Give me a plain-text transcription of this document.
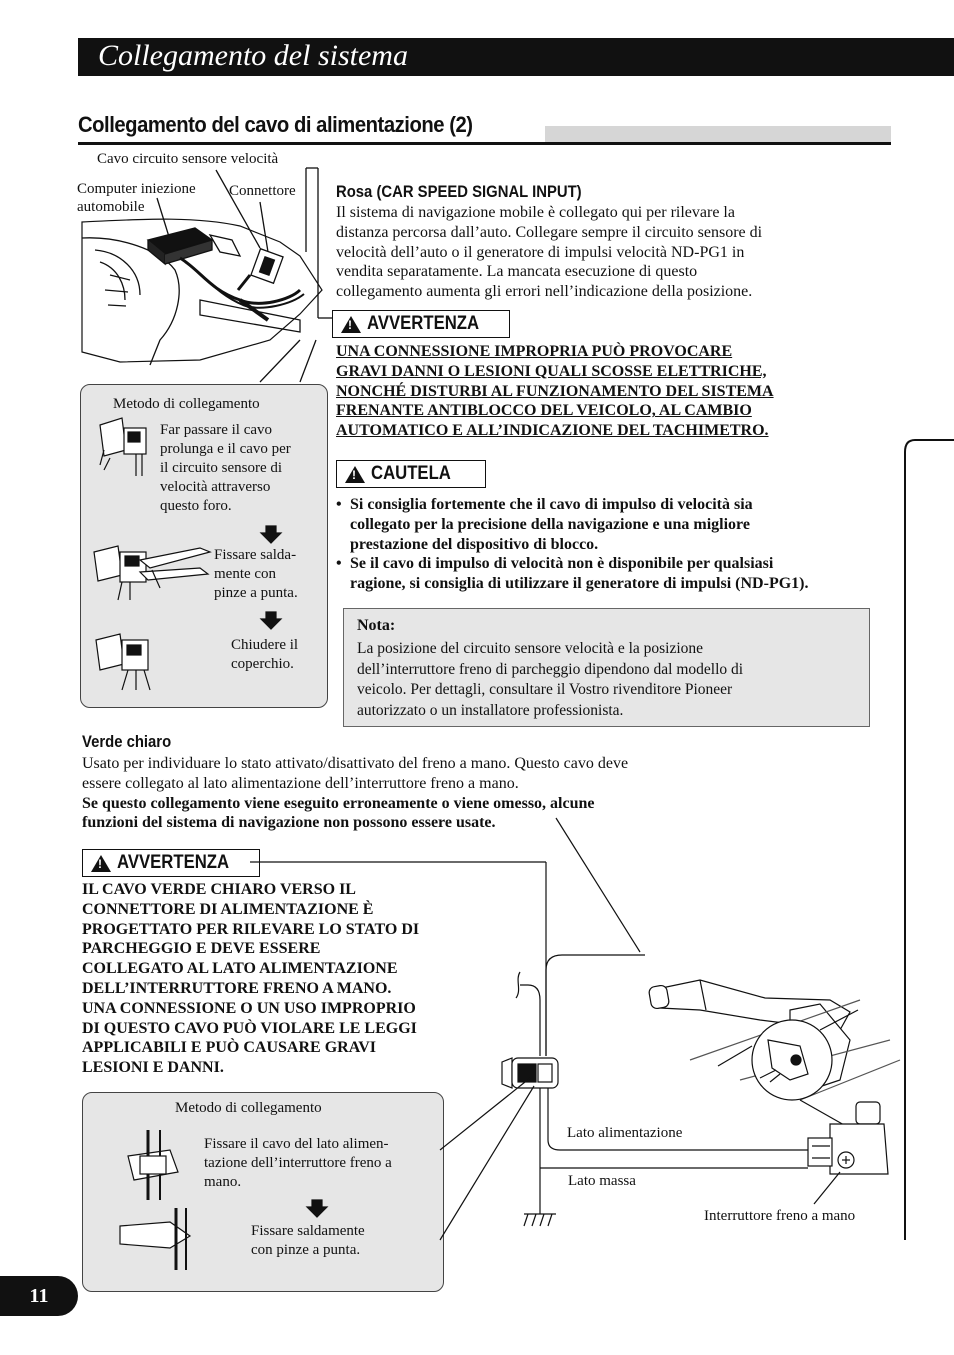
Collegamento del sistema
Collegamento del cavo di alimentazione (2)
Cavo circuito sensore velocità
Computer iniezione
automobile
Connettore
Metodo di collegamento
Far passare il cavo
prolunga e il cavo per
il circuito sensore di
velocità attraverso
questo foro.
Fissare salda-
mente con
pinze a punta.
Chiudere il
coperchio.
Rosa (CAR SPEED SIGNAL INPUT)
Il sistema di navigazione mobile è collegato qui per rilevare la
distanza percorsa dall’auto. Collegare sempre il circuito sensore di
velocità dell’auto o il generatore di impulsi velocità ND-PG1 in
vendita separatamente. La mancata esecuzione di questo
collegamento aumenta gli errori nell’indicazione della posizione.
!
AVVERTENZA
UNA CONNESSIONE IMPROPRIA PUÒ PROVOCARE
GRAVI DANNI O LESIONI QUALI SCOSSE ELETTRICHE,
NONCHÉ DISTURBI AL FUNZIONAMENTO DEL SISTEMA
FRENANTE ANTIBLOCCO DEL VEICOLO, AL CAMBIO
AUTOMATICO E ALL’INDICAZIONE DEL TACHIMETRO.
!
CAUTELA
• Si consiglia fortemente che il cavo di impulso di velocità sia
collegato per la precisione della navigazione e una migliore
prestazione del dispositivo di blocco.
• Se il cavo di impulso di velocità non è disponibile per qualsiasi
ragione, si consiglia di utilizzare il generatore di impulsi (ND-PG1).
Nota:
La posizione del circuito sensore velocità e la posizione
dell’interruttore freno di parcheggio dipendono dal modello di
veicolo. Per dettagli, consultare il Vostro rivenditore Pioneer
autorizzato o un installatore professionista.
Verde chiaro
Usato per individuare lo stato attivato/disattivato del freno a mano. Questo cavo deve
essere collegato al lato alimentazione dell’interruttore freno a mano.
Se questo collegamento viene eseguito erroneamente o viene omesso, alcune
funzioni del sistema di navigazione non possono essere usate.
!
AVVERTENZA
IL CAVO VERDE CHIARO VERSO IL
CONNETTORE DI ALIMENTAZIONE È
PROGETTATO PER RILEVARE LO STATO DI
PARCHEGGIO E DEVE ESSERE
COLLEGATO AL LATO ALIMENTAZIONE
DELL’INTERRUTTORE FRENO A MANO.
UNA CONNESSIONE O UN USO IMPROPRIO
DI QUESTO CAVO PUÒ VIOLARE LE LEGGI
APPLICABILI E PUÒ CAUSARE GRAVI
LESIONI E DANNI.
Metodo di collegamento
Fissare il cavo del lato alimen-
tazione dell’interruttore freno a
mano.
Fissare saldamente
con pinze a punta.
Lato alimentazione
Lato massa
Interruttore freno a mano
11
